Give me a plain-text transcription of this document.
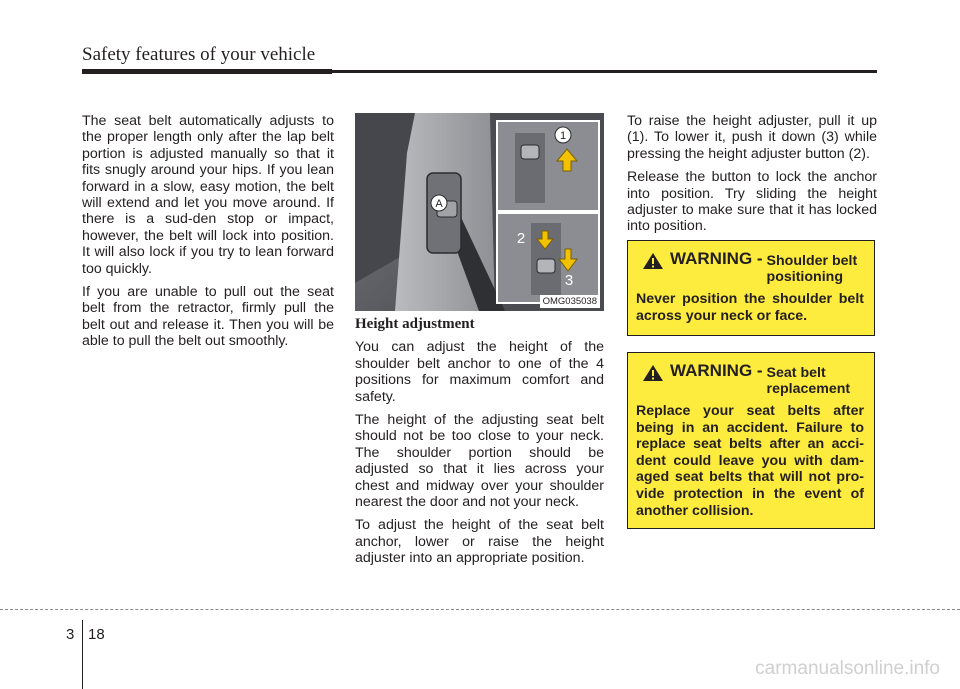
Safety features of your vehicle

The seat belt automatically adjusts to the proper length only after the lap belt portion is adjusted manually so that it fits snugly around your hips. If you lean forward in a slow, easy motion, the belt will extend and let you move around. If there is a sud-den stop or impact, however, the belt will lock into position. It will also lock if you try to lean forward too quickly.

If you are unable to pull out the seat belt from the retractor, firmly pull the belt out and release it. Then you will be able to pull the belt out smoothly.

A
1
2
3
OMG035038

Height adjustment

You can adjust the height of the shoulder belt anchor to one of the 4 positions for maximum comfort and safety.

The height of the adjusting seat belt should not be too close to your neck. The shoulder portion should be adjusted so that it lies across your chest and midway over your shoulder nearest the door and not your neck.

To adjust the height of the seat belt anchor, lower or raise the height adjuster into an appropriate position.

To raise the height adjuster, pull it up (1). To lower it, push it down (3) while pressing the height adjuster button (2).

Release the button to lock the anchor into position. Try sliding the height adjuster to make sure that it has locked into position.

WARNING - Shoulder belt positioning
Never position the shoulder belt across your neck or face.
WARNING - Seat belt replacement
Replace your seat belts after being in an accident. Failure to replace seat belts after an acci-dent could leave you with dam-aged seat belts that will not pro-vide protection in the event of another collision.
3 18
carmanualsonline.info
